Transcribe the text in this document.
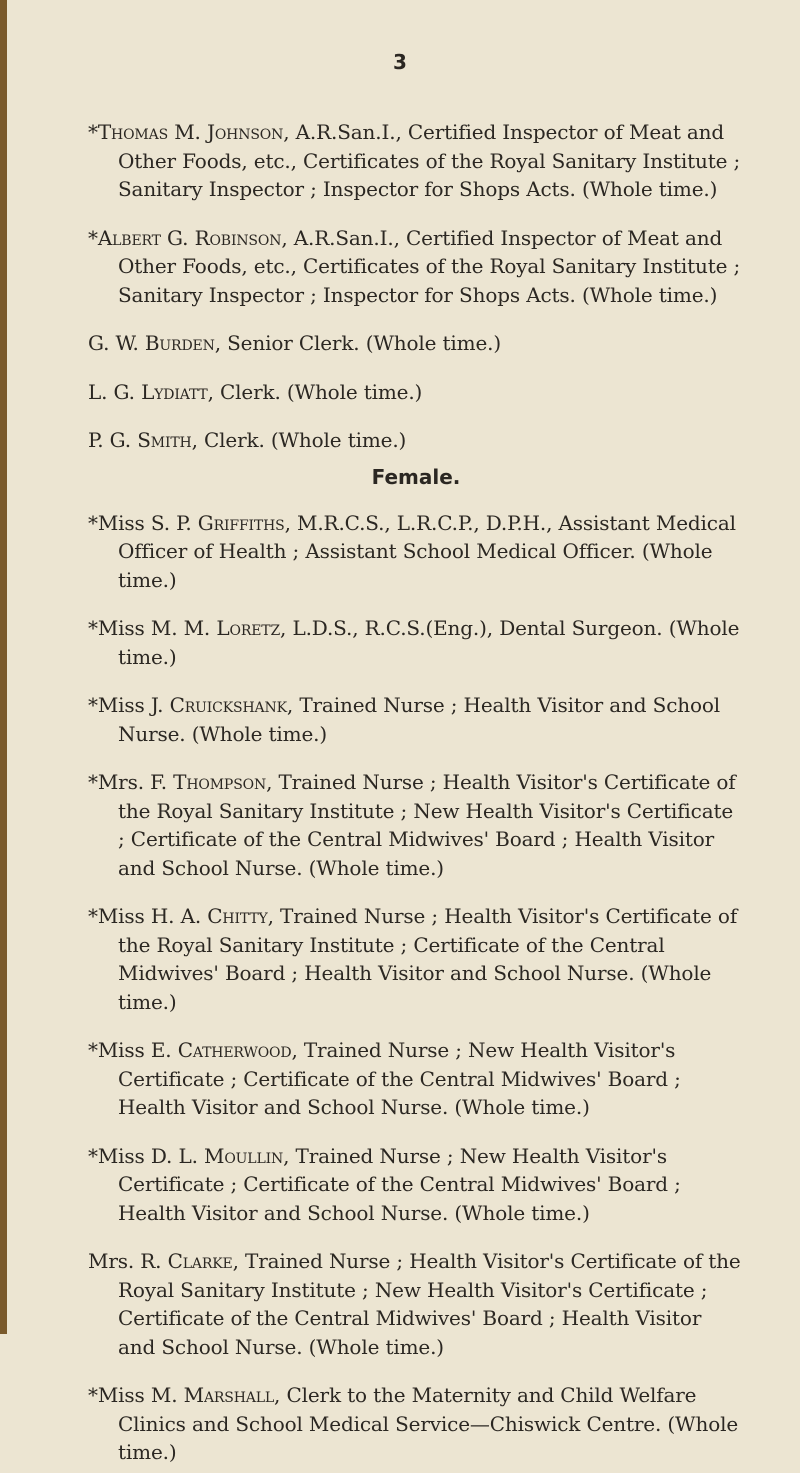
3

*Thomas M. Johnson, A.R.San.I., Certified Inspector of Meat and Other Foods, etc., Certificates of the Royal Sanitary Institute ; Sanitary Inspector ; Inspector for Shops Acts. (Whole time.)

*Albert G. Robinson, A.R.San.I., Certified Inspector of Meat and Other Foods, etc., Certificates of the Royal Sanitary Institute ; Sanitary Inspector ; Inspector for Shops Acts. (Whole time.)

G. W. Burden, Senior Clerk. (Whole time.)

L. G. Lydiatt, Clerk. (Whole time.)

P. G. Smith, Clerk. (Whole time.)

Female.

*Miss S. P. Griffiths, M.R.C.S., L.R.C.P., D.P.H., Assistant Medical Officer of Health ; Assistant School Medical Officer. (Whole time.)

*Miss M. M. Loretz, L.D.S., R.C.S.(Eng.), Dental Surgeon. (Whole time.)

*Miss J. Cruickshank, Trained Nurse ; Health Visitor and School Nurse. (Whole time.)

*Mrs. F. Thompson, Trained Nurse ; Health Visitor's Certificate of the Royal Sanitary Institute ; New Health Visitor's Certificate ; Certificate of the Central Midwives' Board ; Health Visitor and School Nurse. (Whole time.)

*Miss H. A. Chitty, Trained Nurse ; Health Visitor's Certificate of the Royal Sanitary Institute ; Certificate of the Central Midwives' Board ; Health Visitor and School Nurse. (Whole time.)

*Miss E. Catherwood, Trained Nurse ; New Health Visitor's Certificate ; Certificate of the Central Midwives' Board ; Health Visitor and School Nurse. (Whole time.)

*Miss D. L. Moullin, Trained Nurse ; New Health Visitor's Certificate ; Certificate of the Central Midwives' Board ; Health Visitor and School Nurse. (Whole time.)

Mrs. R. Clarke, Trained Nurse ; Health Visitor's Certificate of the Royal Sanitary Institute ; New Health Visitor's Certificate ; Certificate of the Central Midwives' Board ; Health Visitor and School Nurse. (Whole time.)

*Miss M. Marshall, Clerk to the Maternity and Child Welfare Clinics and School Medical Service—Chiswick Centre. (Whole time.)
